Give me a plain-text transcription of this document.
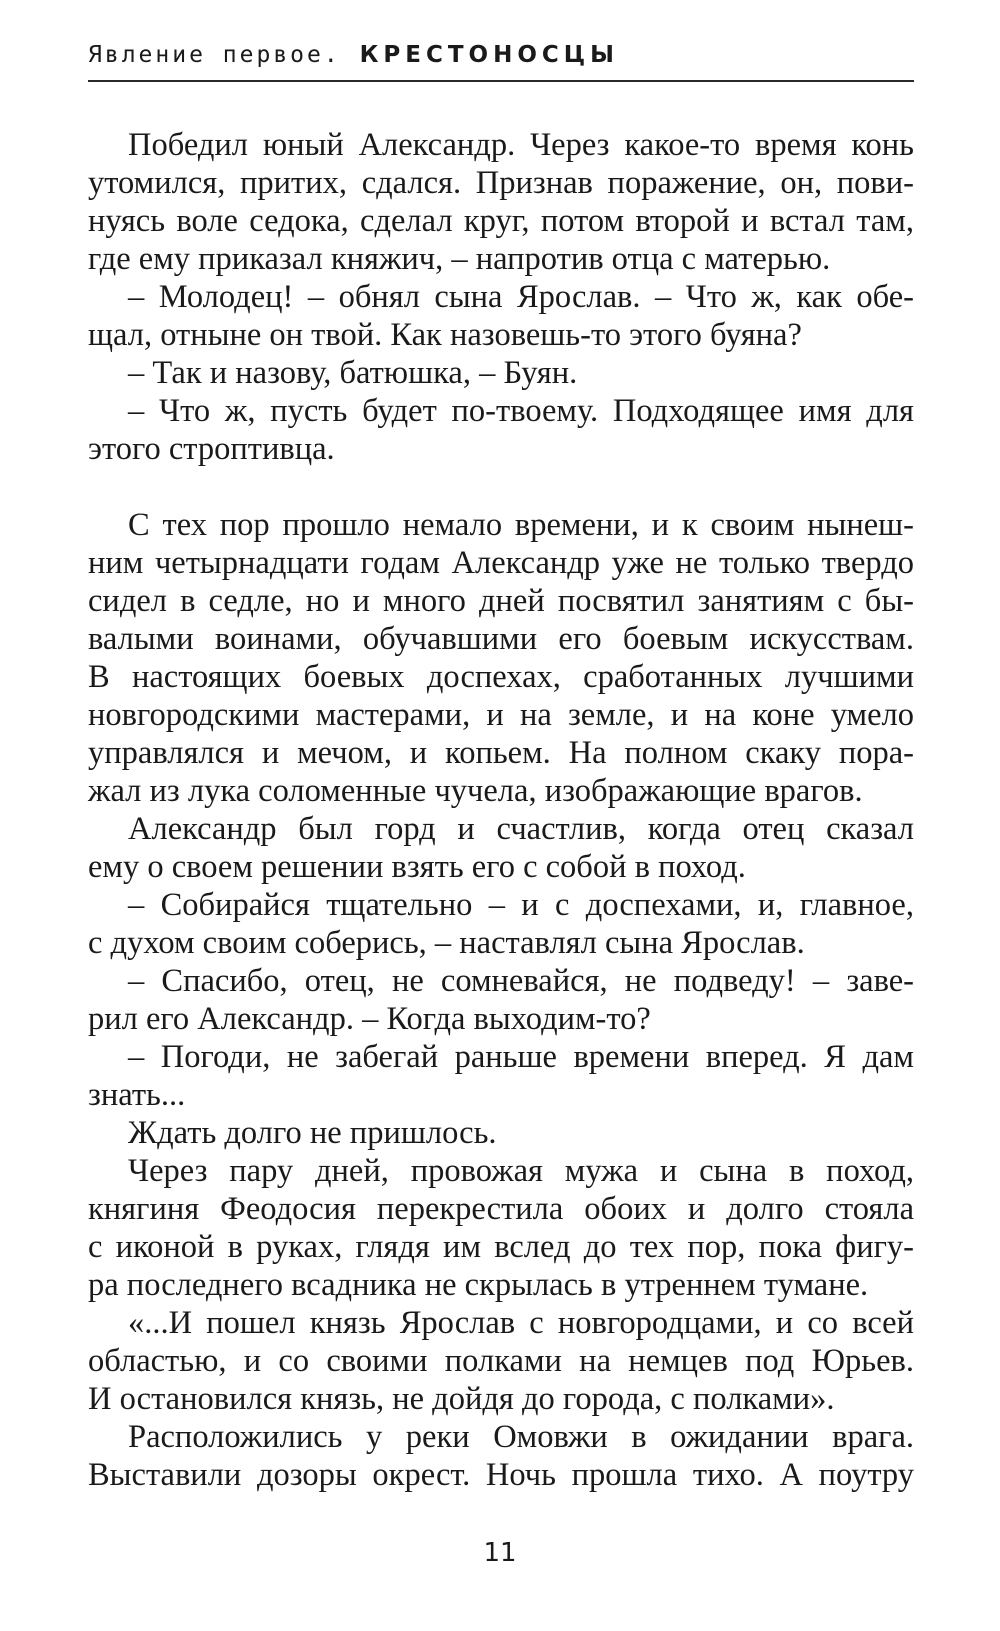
Явление первое. КРЕСТОНОСЦЫ
Победил юный Александр. Через какое-то время конь
утомился, притих, сдался. Признав поражение, он, пови-
нуясь воле седока, сделал круг, потом второй и встал там,
где ему приказал княжич, – напротив отца с матерью.
– Молодец! – обнял сына Ярослав. – Что ж, как обе-
щал, отныне он твой. Как назовешь-то этого буяна?
– Так и назову, батюшка, – Буян.
– Что ж, пусть будет по-твоему. Подходящее имя для
этого строптивца.
С тех пор прошло немало времени, и к своим нынеш-
ним четырнадцати годам Александр уже не только твердо
сидел в седле, но и много дней посвятил занятиям с бы-
валыми воинами, обучавшими его боевым искусствам.
В настоящих боевых доспехах, сработанных лучшими
новгородскими мастерами, и на земле, и на коне умело
управлялся и мечом, и копьем. На полном скаку пора-
жал из лука соломенные чучела, изображающие врагов.
Александр был горд и счастлив, когда отец сказал
ему о своем решении взять его с собой в поход.
– Собирайся тщательно – и с доспехами, и, главное,
с духом своим соберись, – наставлял сына Ярослав.
– Спасибо, отец, не сомневайся, не подведу! – заве-
рил его Александр. – Когда выходим-то?
– Погоди, не забегай раньше времени вперед. Я дам
знать...
Ждать долго не пришлось.
Через пару дней, провожая мужа и сына в поход,
княгиня Феодосия перекрестила обоих и долго стояла
с иконой в руках, глядя им вслед до тех пор, пока фигу-
ра последнего всадника не скрылась в утреннем тумане.
«...И пошел князь Ярослав с новгородцами, и со всей
областью, и со своими полками на немцев под Юрьев.
И остановился князь, не дойдя до города, с полками».
Расположились у реки Омовжи в ожидании врага.
Выставили дозоры окрест. Ночь прошла тихо. А поутру
11
